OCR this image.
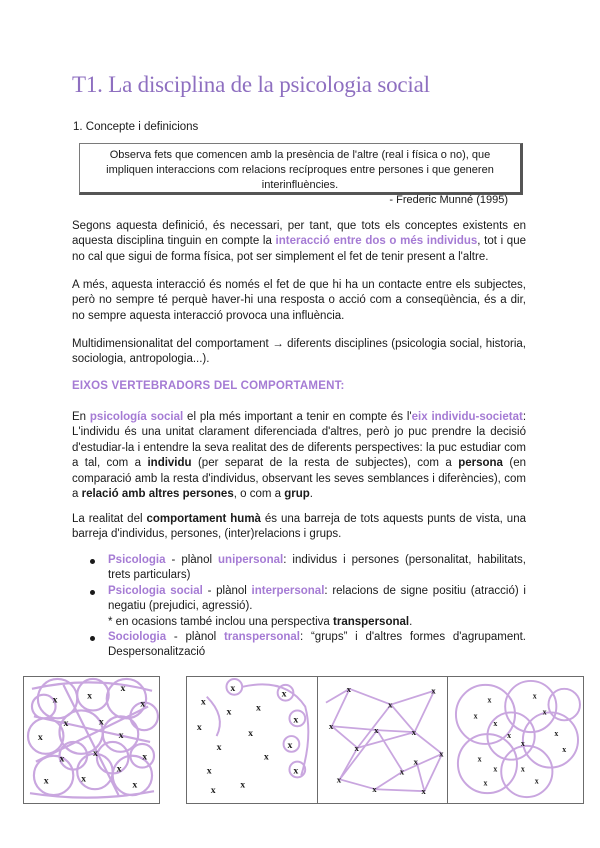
T1. La disciplina de la psicologia social
1. Concepte i definicions
Observa fets que comencen amb la presència de l'altre (real i física o no), que impliquen interaccions com relacions recíproques entre persones i que generen interinfluències.
- Frederic Munné (1995)

Segons aquesta definició, és necessari, per tant, que tots els conceptes existents en aquesta disciplina tinguin en compte la interacció entre dos o més individus, tot i que no cal que sigui de forma física, pot ser simplement el fet de tenir present a l'altre.

A més, aquesta interacció és només el fet de que hi ha un contacte entre els subjectes, però no sempre té perquè haver-hi una resposta o acció com a conseqüència, és a dir, no sempre aquesta interacció provoca una influència.

Multidimensionalitat del comportament → diferents disciplines (psicologia social, historia, sociologia, antropologia...).

EIXOS VERTEBRADORS DEL COMPORTAMENT:

En psicología social el pla més important a tenir en compte és l'eix individu-societat: L'individu és una unitat clarament diferenciada d'altres, però jo puc prendre la decisió d'estudiar-la i entendre la seva realitat des de diferents perspectives: la puc estudiar com a tal, com a individu (per separat de la resta de subjectes), com a persona (en comparació amb la resta d'individus, observant les seves semblances i diferències), com a relació amb altres persones, o com a grup.

La realitat del comportament humà és una barreja de tots aquests punts de vista, una barreja d'individus, persones, (inter)relacions i grups.

Psicologia - plànol unipersonal: individus i persones (personalitat, habilitats, trets particulars)
Psicologia social - plànol interpersonal: relacions de signe positiu (atracció) i negatiu (prejudici, agressió).
* en ocasions també inclou una perspectiva transpersonal.
Sociologia - plànol transpersonal: “grups” i d'altres formes d'agrupament. Despersonalització
x	x
x
x
x	x
x	x
x
x	x
x	x
x
x
x
x
x
x
x
x
x x
x
x
x
x
x
x
x
x
x
x
x	x	x
x
x
x
x
x	x
x
x
x
x
x
x
x
x
x
x
x
x	x
x
x
